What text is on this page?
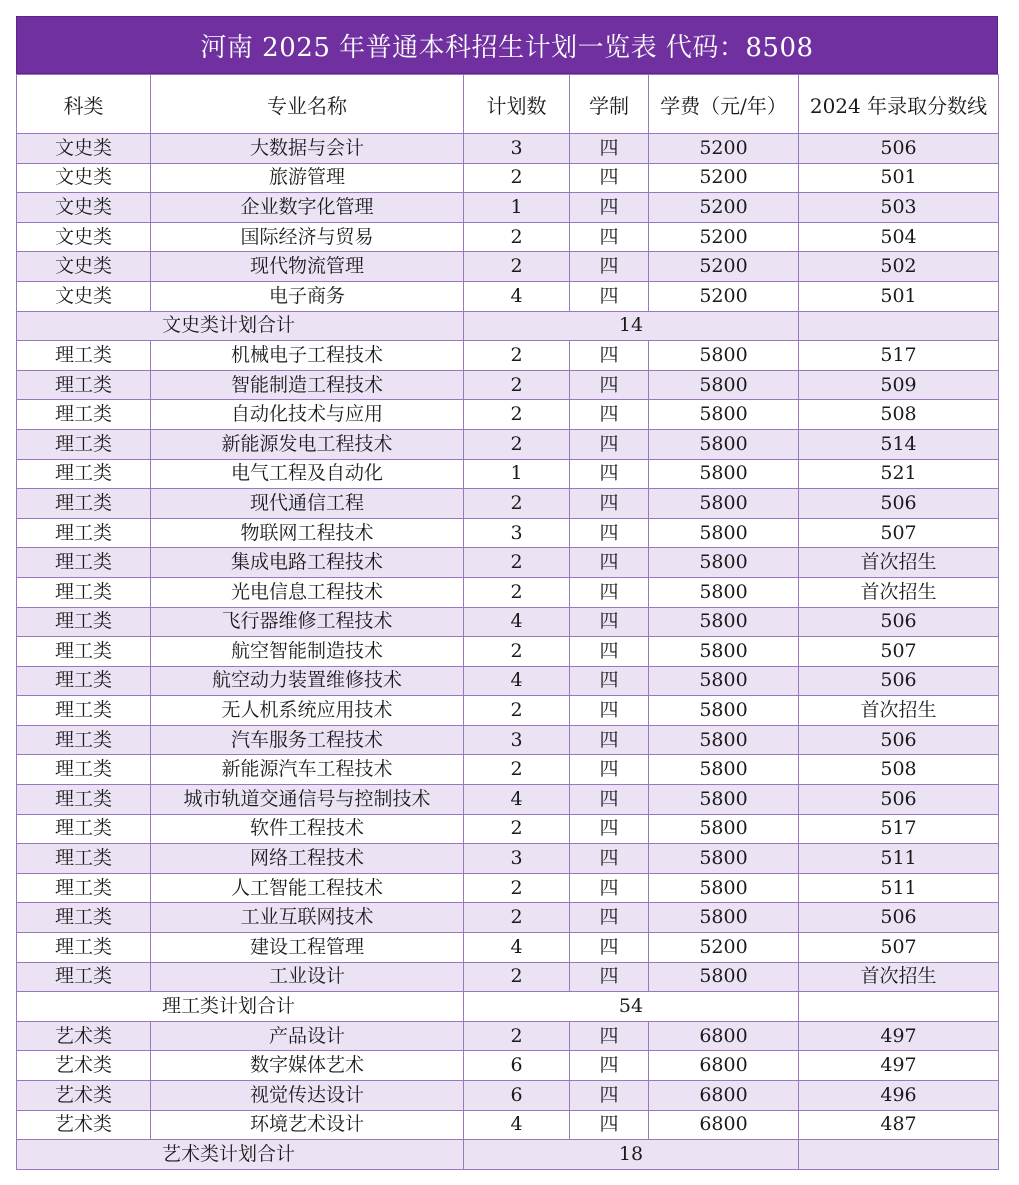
河南 2025 年普通本科招生计划一览表 代码：8508
科类	专业名称	计划数	学制	学费（元/年）	2024 年录取分数线
文史类	大数据与会计	3	四	5200	506
文史类	旅游管理	2	四	5200	501
文史类	企业数字化管理	1	四	5200	503
文史类	国际经济与贸易	2	四	5200	504
文史类	现代物流管理	2	四	5200	502
文史类	电子商务	4	四	5200	501
文史类计划合计		14			
理工类	机械电子工程技术	2	四	5800	517
理工类	智能制造工程技术	2	四	5800	509
理工类	自动化技术与应用	2	四	5800	508
理工类	新能源发电工程技术	2	四	5800	514
理工类	电气工程及自动化	1	四	5800	521
理工类	现代通信工程	2	四	5800	506
理工类	物联网工程技术	3	四	5800	507
理工类	集成电路工程技术	2	四	5800	首次招生
理工类	光电信息工程技术	2	四	5800	首次招生
理工类	飞行器维修工程技术	4	四	5800	506
理工类	航空智能制造技术	2	四	5800	507
理工类	航空动力装置维修技术	4	四	5800	506
理工类	无人机系统应用技术	2	四	5800	首次招生
理工类	汽车服务工程技术	3	四	5800	506
理工类	新能源汽车工程技术	2	四	5800	508
理工类	城市轨道交通信号与控制技术	4	四	5800	506
理工类	软件工程技术	2	四	5800	517
理工类	网络工程技术	3	四	5800	511
理工类	人工智能工程技术	2	四	5800	511
理工类	工业互联网技术	2	四	5800	506
理工类	建设工程管理	4	四	5200	507
理工类	工业设计	2	四	5800	首次招生
理工类计划合计		54			
艺术类	产品设计	2	四	6800	497
艺术类	数字媒体艺术	6	四	6800	497
艺术类	视觉传达设计	6	四	6800	496
艺术类	环境艺术设计	4	四	6800	487
艺术类计划合计		18			
